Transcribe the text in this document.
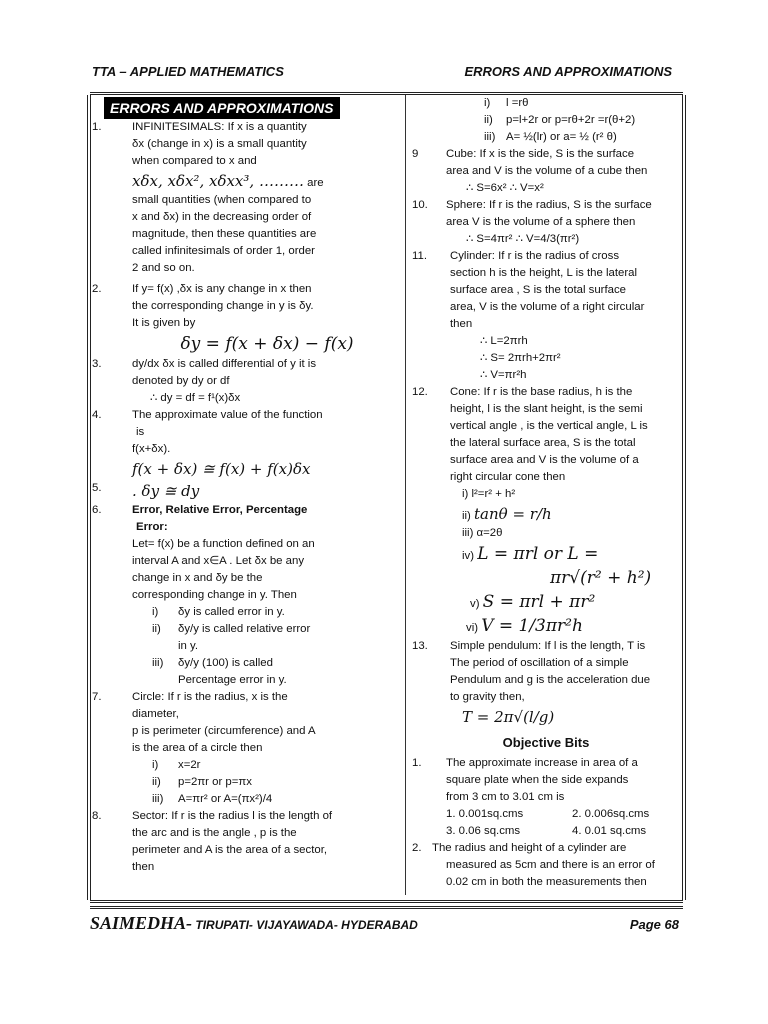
TTA – APPLIED MATHEMATICS	ERRORS AND APPROXIMATIONS
ERRORS AND APPROXIMATIONS
1.	INFINITESIMALS: If x is a quantity
δx (change in x) is a small quantity
when compared to x and
xδx, xδx², xδxx³, ……… are
small quantities (when compared to
x and δx) in the decreasing order of
magnitude, then these quantities are
called infinitesimals of order 1, order
2 and so on.
2.	If y= f(x) ,δx is any change in x then
the corresponding change in y is δy.
It is given by
δy = f(x + δx) − f(x)
3.	dy/dx δx is called differential of y it is
denoted by dy or df
∴ dy = df = f¹(x)δx
4.	The approximate value of the function
is
f(x+δx).
f(x + δx) ≅ f(x) + f(x)δx
5. . δy ≅ dy
6.	Error, Relative Error, Percentage
Error:
Let= f(x) be a function defined on an
interval A and x∈A . Let δx be any
change in x and δy be the
corresponding change in y. Then
i) δy is called error in y.
ii) δy/y is called relative error
in y.
iii) δy/y (100) is called
Percentage error in y.
7.	Circle: If r is the radius, x is the
diameter,
p is perimeter (circumference) and A
is the area of a circle then
i) x=2r
ii) p=2πr or p=πx
iii) A=πr² or A=(πx²)/4
8.	Sector: If r is the radius l is the length of
the arc and is the angle , p is the
perimeter and A is the area of a sector,
then
i) l =rθ
ii) p=l+2r or p=rθ+2r =r(θ+2)
iii) A= ½(lr) or a= ½ (r² θ)
9 Cube: If x is the side, S is the surface
area and V is the volume of a cube then
∴ S=6x² ∴ V=x²
10. Sphere: If r is the radius, S is the surface
area V is the volume of a sphere then
∴ S=4πr² ∴ V=4/3(πr²)
11. Cylinder: If r is the radius of cross
section h is the height, L is the lateral
surface area , S is the total surface
area, V is the volume of a right circular
then
∴ L=2πrh
∴ S= 2πrh+2πr²
∴ V=πr²h
12. Cone: If r is the base radius, h is the
height, l is the slant height, is the semi
vertical angle , is the vertical angle, L is
the lateral surface area, S is the total
surface area and V is the volume of a
right circular cone then
i) l²=r² + h²
ii) tanθ = r/h
iii) α=2θ
iv) L = πrl or L =
πr√(r² + h²)
v) S = πrl + πr²
vi) V = 1/3πr²h
13. Simple pendulum: If l is the length, T is
The period of oscillation of a simple
Pendulum and g is the acceleration due
to gravity then,
T = 2π√(l/g)
Objective Bits
1. The approximate increase in area of a
square plate when the side expands
from 3 cm to 3.01 cm is
1. 0.001sq.cms	2. 0.006sq.cms
3. 0.06 sq.cms	4. 0.01 sq.cms
2. The radius and height of a cylinder are
measured as 5cm and there is an error of
0.02 cm in both the measurements then
SAIMEDHA- TIRUPATI- VIJAYAWADA- HYDERABAD	Page 68
